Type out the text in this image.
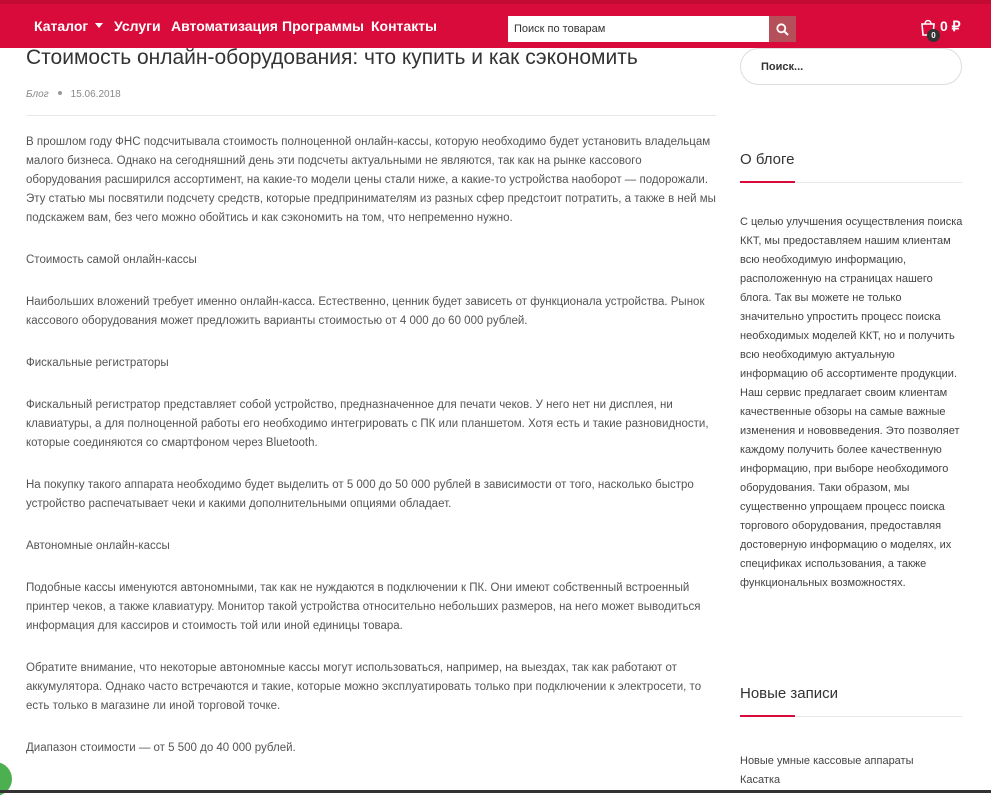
Каталог	Услуги Автоматизация Программы Контакты
Поиск по товарам
0
0 ₽
Стоимость онлайн-оборудования: что купить и как сэкономить
Блог 15.06.2018

В прошлом году ФНС подсчитывала стоимость полноценной онлайн-кассы, которую необходимо будет установить владельцам малого бизнеса. Однако на сегодняшний день эти подсчеты актуальными не являются, так как на рынке кассового оборудования расширился ассортимент, на какие-то модели цены стали ниже, а какие-то устройства наоборот — подорожали. Эту статью мы посвятили подсчету средств, которые предпринимателям из разных сфер предстоит потратить, а также в ней мы подскажем вам, без чего можно обойтись и как сэкономить на том, что непременно нужно.

Стоимость самой онлайн-кассы

Наибольших вложений требует именно онлайн-касса. Естественно, ценник будет зависеть от функционала устройства. Рынок кассового оборудования может предложить варианты стоимостью от 4 000 до 60 000 рублей.

Фискальные регистраторы

Фискальный регистратор представляет собой устройство, предназначенное для печати чеков. У него нет ни дисплея, ни клавиатуры, а для полноценной работы его необходимо интегрировать с ПК или планшетом. Хотя есть и такие разновидности, которые соединяются со смартфоном через Bluetooth.

На покупку такого аппарата необходимо будет выделить от 5 000 до 50 000 рублей в зависимости от того, насколько быстро устройство распечатывает чеки и какими дополнительными опциями обладает.

Автономные онлайн-кассы

Подобные кассы именуются автономными, так как не нуждаются в подключении к ПК. Они имеют собственный встроенный принтер чеков, а также клавиатуру. Монитор такой устройства относительно небольших размеров, на него может выводиться информация для кассиров и стоимость той или иной единицы товара.

Обратите внимание, что некоторые автономные кассы могут использоваться, например, на выездах, так как работают от аккумулятора. Однако часто встречаются и такие, которые можно эксплуатировать только при подключении к электросети, то есть только в магазине ли иной торговой точке.

Диапазон стоимости — от 5 500 до 40 000 рублей.

Поиск...
О блоге
С целью улучшения осуществления поиска ККТ, мы предоставляем нашим клиентам всю необходимую информацию, расположенную на страницах нашего блога. Так вы можете не только значительно упростить процесс поиска необходимых моделей ККТ, но и получить всю необходимую актуальную информацию об ассортименте продукции. Наш сервис предлагает своим клиентам качественные обзоры на самые важные изменения и нововведения. Это позволяет каждому получить более качественную информацию, при выборе необходимого оборудования. Таки образом, мы существенно упрощаем процесс поиска торгового оборудования, предоставляя достоверную информацию о моделях, их спецификах использования, а также функциональных возможностях.
Новые записи
Новые умные кассовые аппараты Касатка
